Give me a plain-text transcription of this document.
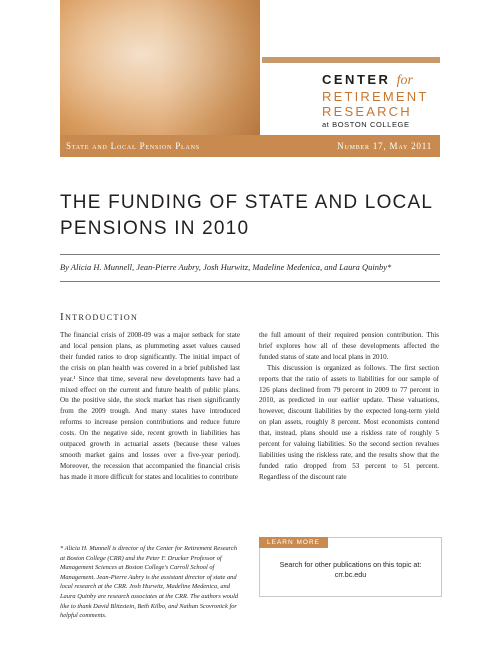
CENTER for
RETIREMENT
RESEARCH
at BOSTON COLLEGE
State and Local Pension Plans	Number 17, May 2011
THE FUNDING OF STATE AND LOCAL
PENSIONS IN 2010
By Alicia H. Munnell, Jean-Pierre Aubry, Josh Hurwitz, Madeline Medenica, and Laura Quinby*
Introduction

The financial crisis of 2008-09 was a major setback for state and local pension plans, as plummeting asset values caused their funded ratios to drop significantly. The initial impact of the crisis on plan health was covered in a brief published last year.¹ Since that time, several new developments have had a mixed effect on the current and future health of public plans. On the positive side, the stock market has risen significantly from the 2009 trough. And many states have introduced reforms to increase pension contributions and reduce future costs. On the negative side, recent growth in liabilities has outpaced growth in actuarial assets (because these values smooth market gains and losses over a five-year period). Moreover, the recession that accompanied the financial crisis has made it more difficult for states and localities to contribute

the full amount of their required pension contribution. This brief explores how all of these developments affected the funded status of state and local plans in 2010.

This discussion is organized as follows. The first section reports that the ratio of assets to liabilities for our sample of 126 plans declined from 79 percent in 2009 to 77 percent in 2010, as predicted in our earlier update. These valuations, however, discount liabilities by the expected long-term yield on plan assets, roughly 8 percent. Most economists contend that, instead, plans should use a riskless rate of roughly 5 percent for valuing liabilities. So the second section revalues liabilities using the riskless rate, and the results show that the funded ratio dropped from 53 percent to 51 percent. Regardless of the discount rate

* Alicia H. Munnell is director of the Center for Retirement Research at Boston College (CRR) and the Peter F. Drucker Professor of Management Sciences at Boston College's Carroll School of Management. Jean-Pierre Aubry is the assistant director of state and local research at the CRR. Josh Hurwitz, Madeline Medenica, and Laura Quinby are research associates at the CRR. The authors would like to thank David Blitzstein, Beth Kilbo, and Nathan Scovronick for helpful comments.
LEARN MORE
Search for other publications on this topic at:
crr.bc.edu
